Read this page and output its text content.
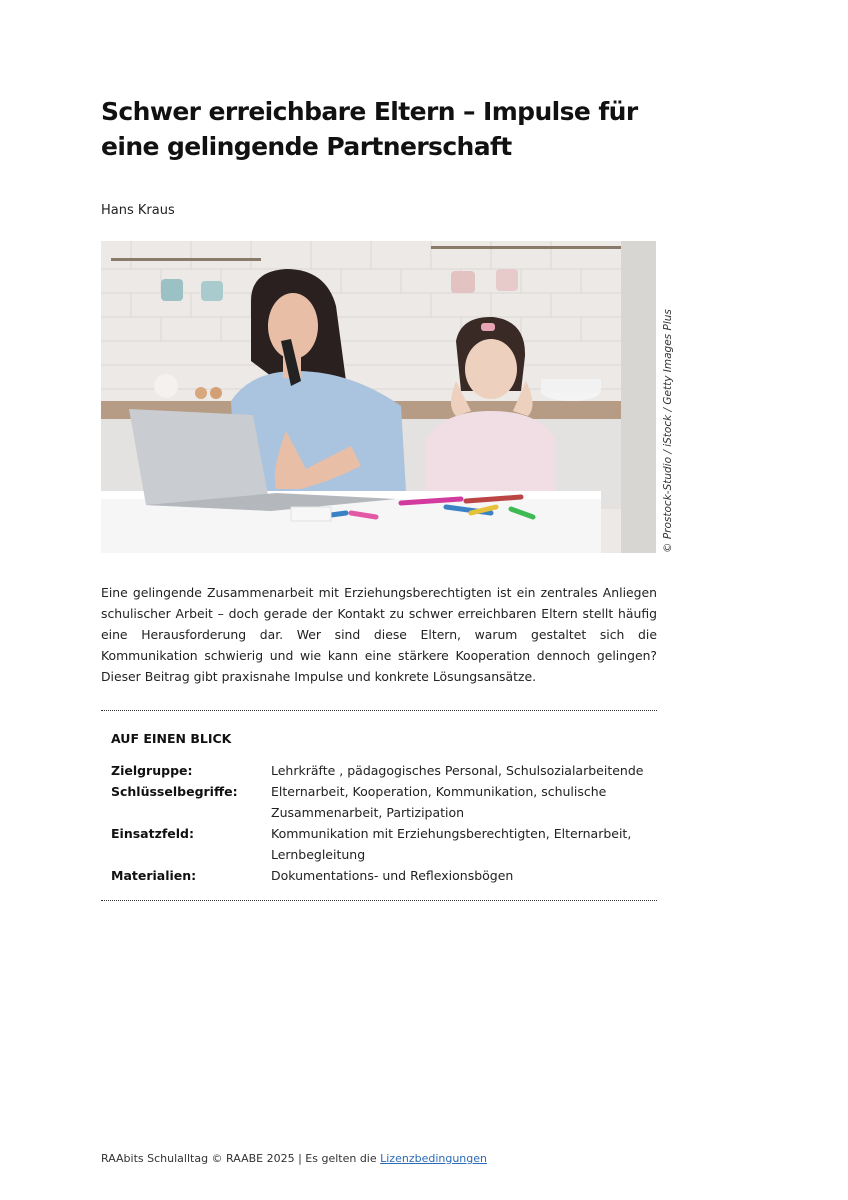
Schwer erreichbare Eltern – Impulse für eine gelingende Partnerschaft
Hans Kraus
© Prostock-Studio / iStock / Getty Images Plus

Eine gelingende Zusammenarbeit mit Erziehungsberechtigten ist ein zentrales Anliegen schulischer Arbeit – doch gerade der Kontakt zu schwer erreichbaren Eltern stellt häufig eine Herausforderung dar. Wer sind diese Eltern, warum gestaltet sich die Kommunikation schwierig und wie kann eine stärkere Kooperation dennoch gelingen? Dieser Beitrag gibt praxisnahe Impulse und konkrete Lösungsansätze.

AUF EINEN BLICK
Zielgruppe:	Lehrkräfte , pädagogisches Personal, Schulsozialarbeitende
Schlüsselbegriffe:	Elternarbeit, Kooperation, Kommunikation, schulische Zusammenarbeit, Partizipation
Einsatzfeld:	Kommunikation mit Erziehungsberechtigten, Elternarbeit, Lernbegleitung
Materialien:	Dokumentations- und Reflexionsbögen
RAAbits Schulalltag © RAABE 2025 | Es gelten die Lizenzbedingungen
